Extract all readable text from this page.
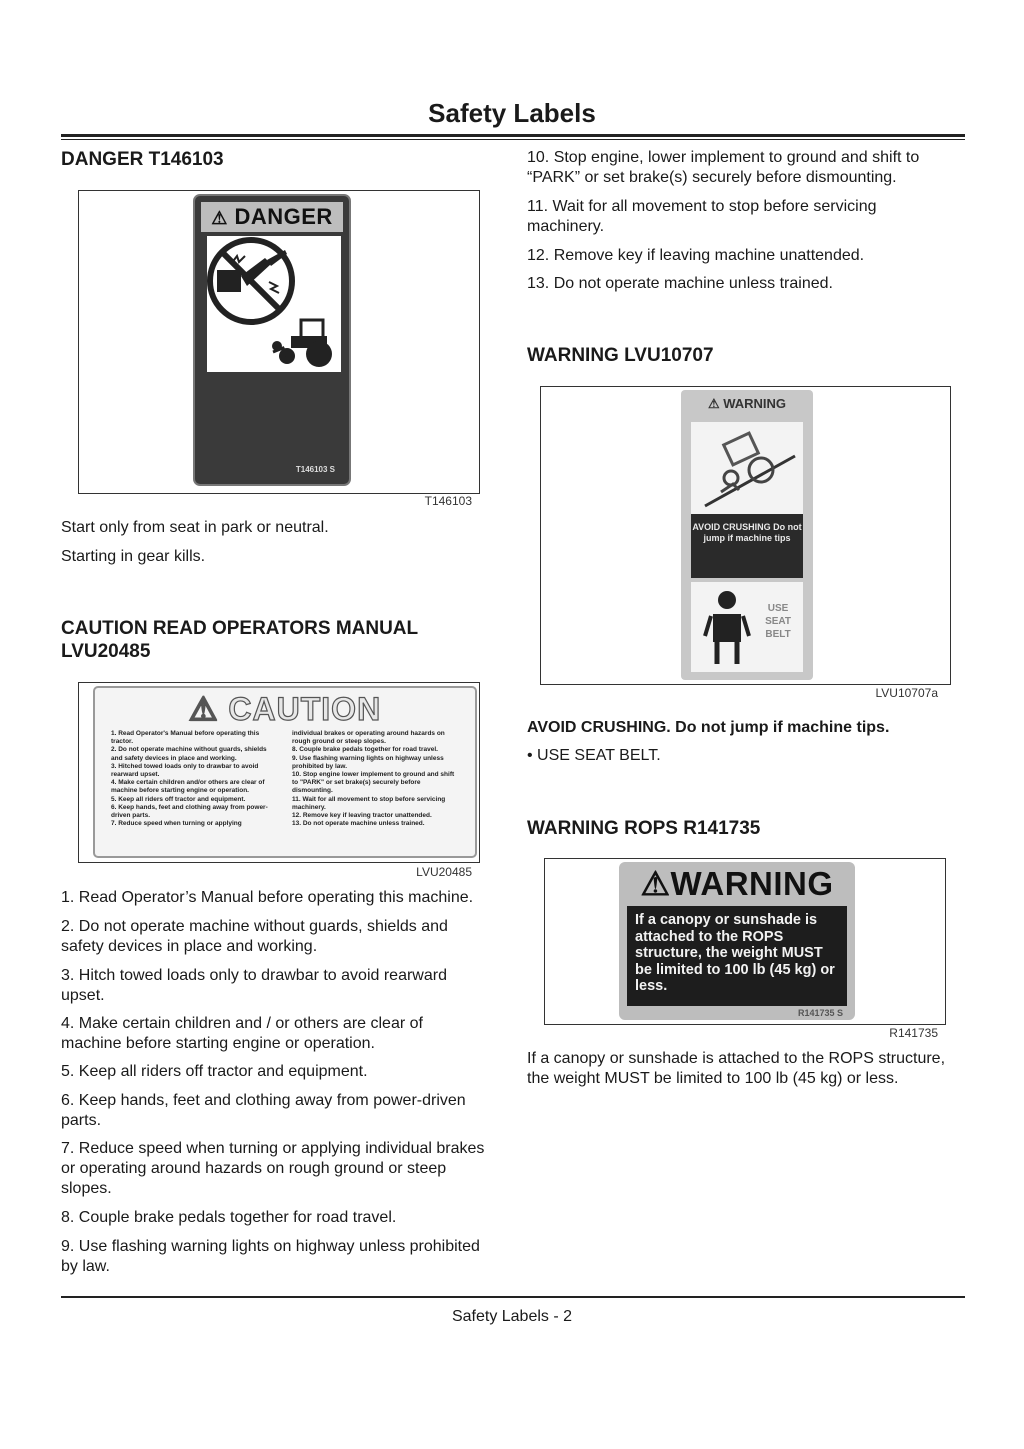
Safety Labels
DANGER T146103
⚠ DANGER
T146103 S
T146103

Start only from seat in park or neutral.

Starting in gear kills.

CAUTION READ OPERATORS MANUAL
LVU20485
⚠ CAUTION
1. Read Operator's Manual before operating this tractor.
2. Do not operate machine without guards, shields and safety devices in place and working.
3. Hitched towed loads only to drawbar to avoid rearward upset.
4. Make certain children and/or others are clear of machine before starting engine or operation.
5. Keep all riders off tractor and equipment.
6. Keep hands, feet and clothing away from power-driven parts.
7. Reduce speed when turning or applying
individual brakes or operating around hazards on rough ground or steep slopes.
8. Couple brake pedals together for road travel.
9. Use flashing warning lights on highway unless prohibited by law.
10. Stop engine lower implement to ground and shift to "PARK" or set brake(s) securely before dismounting.
11. Wait for all movement to stop before servicing machinery.
12. Remove key if leaving tractor unattended.
13. Do not operate machine unless trained.
LVU20485

1. Read Operator’s Manual before operating this machine.

2. Do not operate machine without guards, shields and safety devices in place and working.

3. Hitch towed loads only to drawbar to avoid rearward upset.

4. Make certain children and / or others are clear of machine before starting engine or operation.

5. Keep all riders off tractor and equipment.

6. Keep hands, feet and clothing away from power-driven parts.

7. Reduce speed when turning or applying individual brakes or operating around hazards on rough ground or steep slopes.

8. Couple brake pedals together for road travel.

9. Use flashing warning lights on highway unless prohibited by law.

10. Stop engine, lower implement to ground and shift to “PARK” or set brake(s) securely before dismounting.

11. Wait for all movement to stop before servicing machinery.

12. Remove key if leaving machine unattended.

13. Do not operate machine unless trained.

WARNING LVU10707
⚠ WARNING
AVOID CRUSHING Do not jump if machine tips
USE
SEAT
BELT
LVU10707a

AVOID CRUSHING. Do not jump if machine tips.

• USE SEAT BELT.

WARNING ROPS R141735
⚠WARNING
If a canopy or sunshade is attached to the ROPS structure, the weight MUST be limited to 100 lb (45 kg) or less.
R141735 S
R141735

If a canopy or sunshade is attached to the ROPS structure, the weight MUST be limited to 100 lb (45 kg) or less.

Safety Labels - 2
